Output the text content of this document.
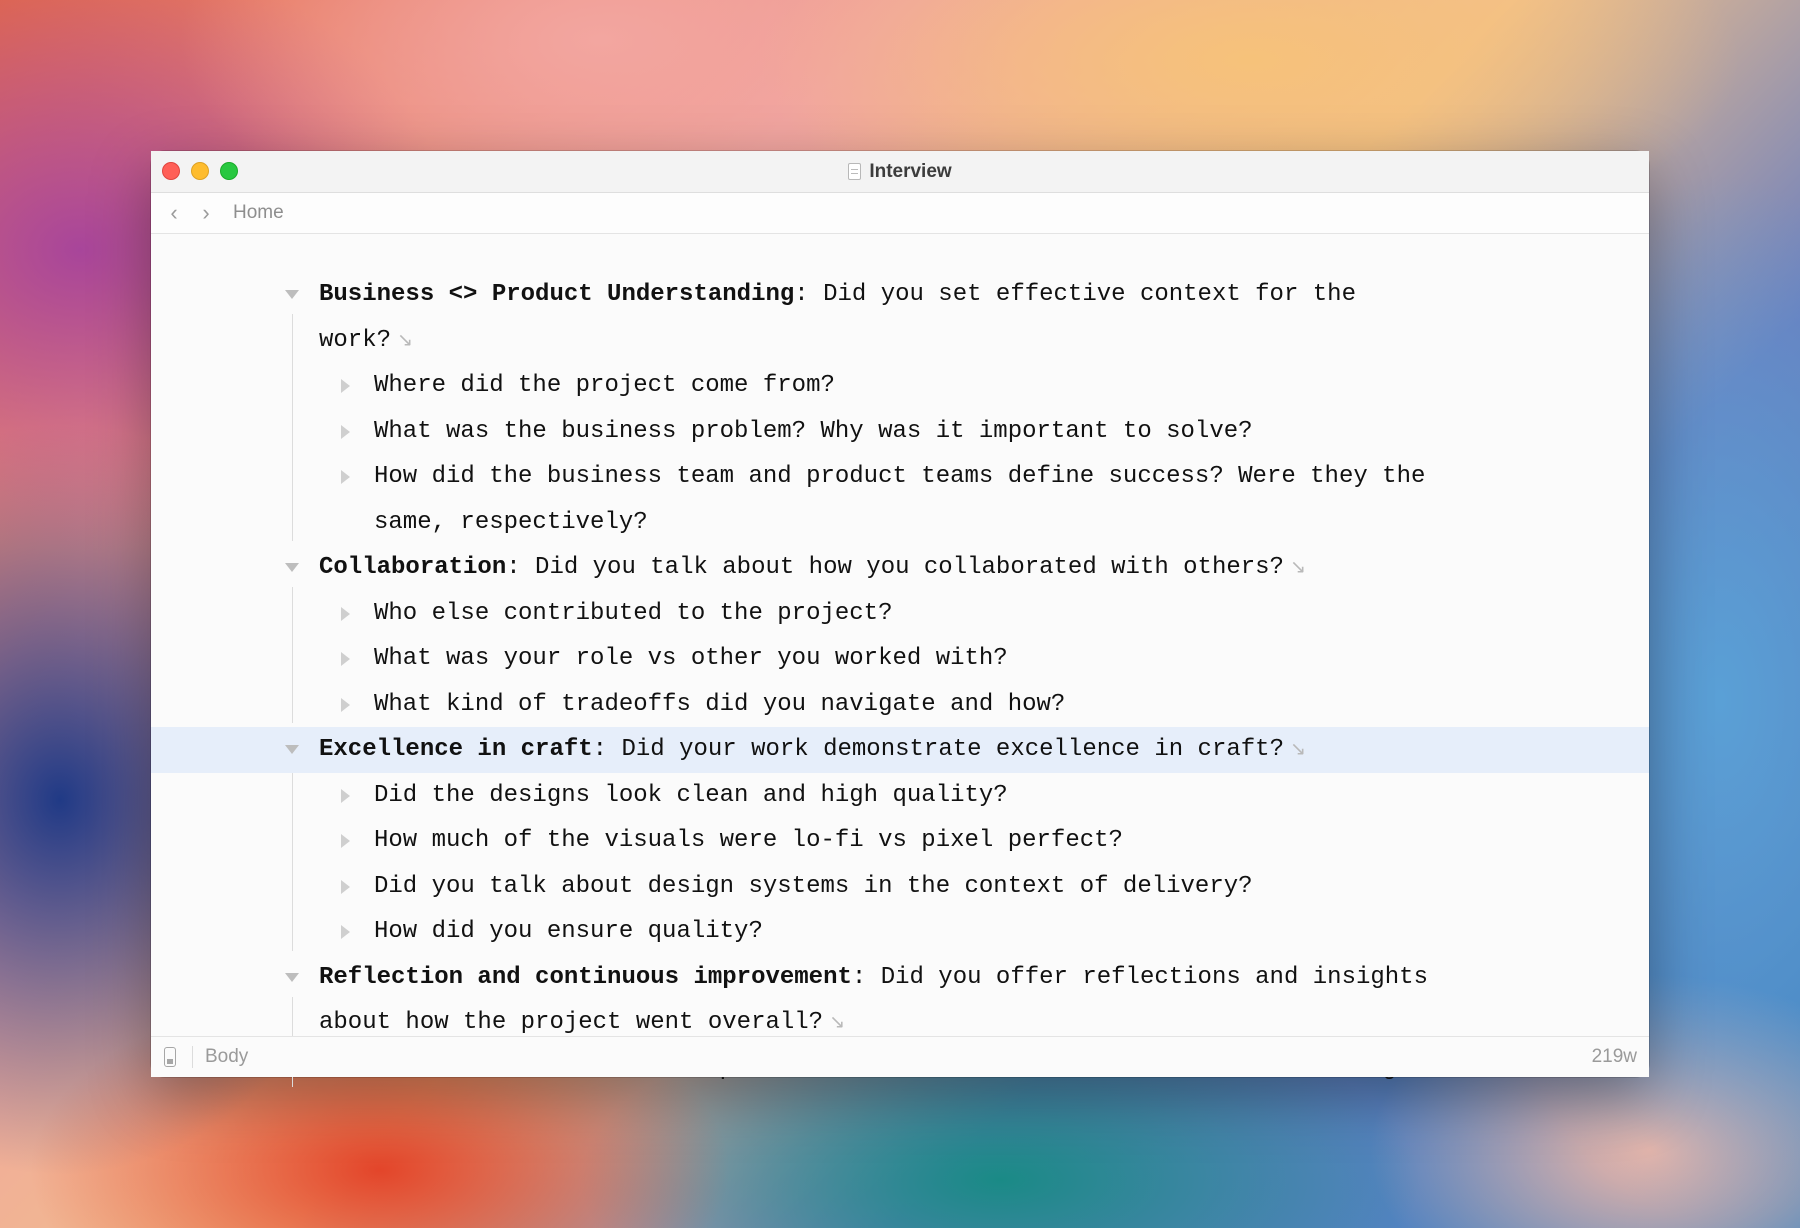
Interview
‹ › Home
Business <> Product Understanding: Did you set effective context for the work? ↘
Where did the project come from?
What was the business problem? Why was it important to solve?
How did the business team and product teams define success? Were they the same, respectively?
Collaboration: Did you talk about how you collaborated with others? ↘
Who else contributed to the project?
What was your role vs other you worked with?
What kind of tradeoffs did you navigate and how?
Excellence in craft: Did your work demonstrate excellence in craft? ↘
Did the designs look clean and high quality?
How much of the visuals were lo-fi vs pixel perfect?
Did you talk about design systems in the context of delivery?
How did you ensure quality?
Reflection and continuous improvement: Did you offer reflections and insights about how the project went overall? ↘
Body	219w
